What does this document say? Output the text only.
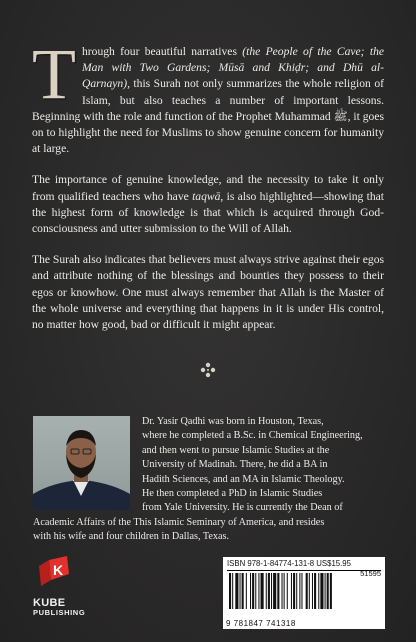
T hrough four beautiful narratives (the People of the Cave; the Man with Two Gardens; Mūsā and Khiḍr; and Dhū al-Qarnayn), this Surah not only summarizes the whole religion of Islam, but also teaches a number of important lessons. Beginning with the role and function of the Prophet Muhammad ﷺ, it goes on to highlight the need for Muslims to show genuine concern for humanity at large.
The importance of genuine knowledge, and the necessity to take it only from qualified teachers who have taqwā, is also highlighted—showing that the highest form of knowledge is that which is acquired through God-consciousness and utter submission to the Will of Allah.
The Surah also indicates that believers must always strive against their egos and attribute nothing of the blessings and bounties they possess to their egos or knowhow. One must always remember that Allah is the Master of the whole universe and everything that happens in it is under His control, no matter how good, bad or difficult it might appear.
Dr. Yasir Qadhi was born in Houston, Texas,
where he completed a B.Sc. in Chemical Engineering,
and then went to pursue Islamic Studies at the
University of Madinah. There, he did a BA in
Hadith Sciences, and an MA in Islamic Theology.
He then completed a PhD in Islamic Studies
from Yale University. He is currently the Dean of
Academic Affairs of the This Islamic Seminary of America, and resides
with his wife and four children in Dallas, Texas.
K
KUBE
PUBLISHING
ISBN 978-1-84774-131-8 US$15.95
51595
9 781847 741318
